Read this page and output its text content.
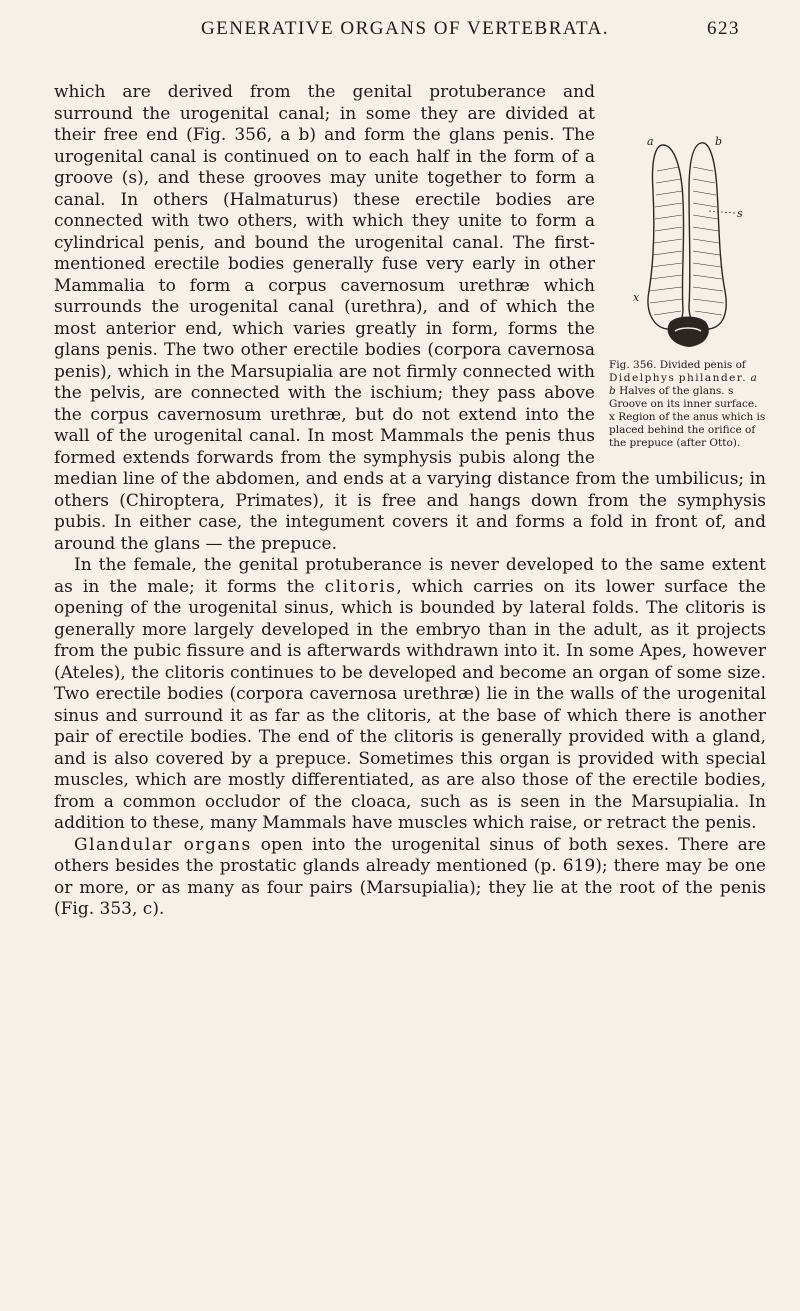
GENERATIVE ORGANS OF VERTEBRATA.	623
a	b
s
x
Fig. 356. Divided penis of Didelphys philander. a b Halves of the glans. s Groove on its inner surface. x Region of the anus which is placed behind the orifice of the prepuce (after Otto).

which are derived from the genital protuberance and surround the urogenital canal; in some they are divided at their free end (Fig. 356, a b) and form the glans penis. The urogenital canal is continued on to each half in the form of a groove (s), and these grooves may unite together to form a canal. In others (Halmaturus) these erectile bodies are connected with two others, with which they unite to form a cylindrical penis, and bound the urogenital canal. The first-mentioned erectile bodies generally fuse very early in other Mammalia to form a corpus cavernosum urethræ which surrounds the urogenital canal (urethra), and of which the most anterior end, which varies greatly in form, forms the glans penis. The two other erectile bodies (corpora cavernosa penis), which in the Marsupialia are not firmly connected with the pelvis, are connected with the ischium; they pass above the corpus cavernosum urethræ, but do not extend into the wall of the urogenital canal. In most Mammals the penis thus formed extends forwards from the symphysis pubis along the median line of the abdomen, and ends at a varying distance from the umbilicus; in others (Chiroptera, Primates), it is free and hangs down from the symphysis pubis. In either case, the integument covers it and forms a fold in front of, and around the glans — the prepuce.

In the female, the genital protuberance is never developed to the same extent as in the male; it forms the clitoris, which carries on its lower surface the opening of the urogenital sinus, which is bounded by lateral folds. The clitoris is generally more largely developed in the embryo than in the adult, as it projects from the pubic fissure and is afterwards withdrawn into it. In some Apes, however (Ateles), the clitoris continues to be developed and become an organ of some size. Two erectile bodies (corpora cavernosa urethræ) lie in the walls of the urogenital sinus and surround it as far as the clitoris, at the base of which there is another pair of erectile bodies. The end of the clitoris is generally provided with a gland, and is also covered by a prepuce. Sometimes this organ is provided with special muscles, which are mostly differentiated, as are also those of the erectile bodies, from a common occludor of the cloaca, such as is seen in the Marsupialia. In addition to these, many Mammals have muscles which raise, or retract the penis.

Glandular organs open into the urogenital sinus of both sexes. There are others besides the prostatic glands already mentioned (p. 619); there may be one or more, or as many as four pairs (Marsupialia); they lie at the root of the penis (Fig. 353, c).
